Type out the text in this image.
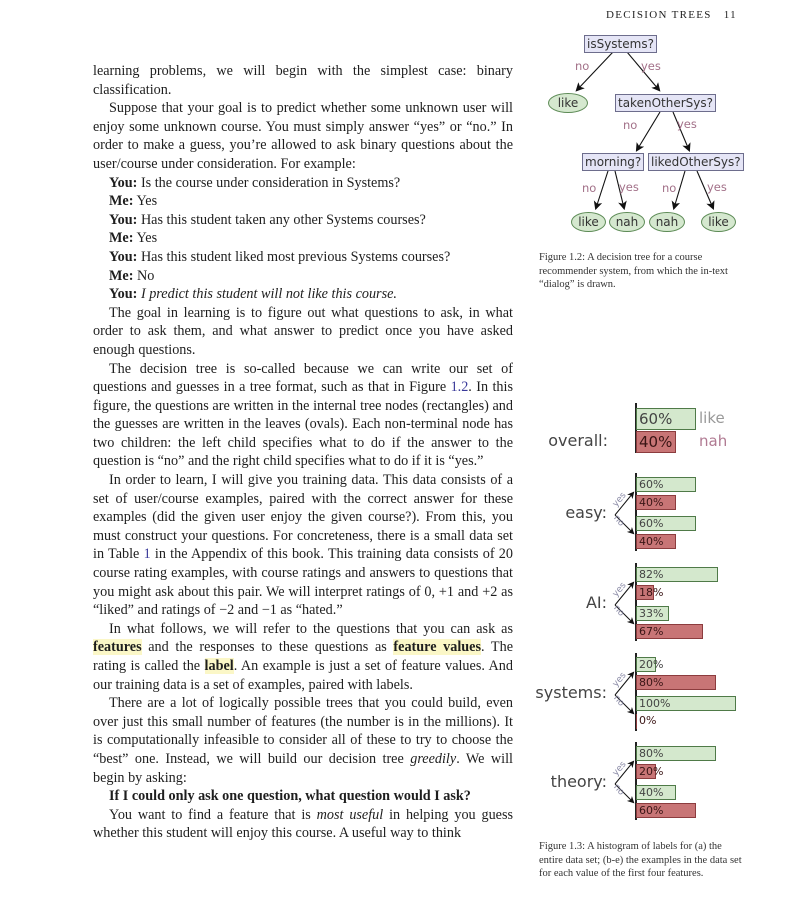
DECISION TREES 11

learning problems, we will begin with the simplest case: binary classification.

Suppose that your goal is to predict whether some unknown user will enjoy some unknown course. You must simply answer “yes” or “no.” In order to make a guess, you’re allowed to ask binary questions about the user/course under consideration. For example:

You: Is the course under consideration in Systems?
Me: Yes
You: Has this student taken any other Systems courses?
Me: Yes
You: Has this student liked most previous Systems courses?
Me: No
You: I predict this student will not like this course.

The goal in learning is to figure out what questions to ask, in what order to ask them, and what answer to predict once you have asked enough questions.

The decision tree is so-called because we can write our set of questions and guesses in a tree format, such as that in Figure 1.2. In this figure, the questions are written in the internal tree nodes (rectangles) and the guesses are written in the leaves (ovals). Each non-terminal node has two children: the left child specifies what to do if the answer to the question is “no” and the right child specifies what to do if it is “yes.”

In order to learn, I will give you training data. This data consists of a set of user/course examples, paired with the correct answer for these examples (did the given user enjoy the given course?). From this, you must construct your questions. For concreteness, there is a small data set in Table 1 in the Appendix of this book. This training data consists of 20 course rating examples, with course ratings and answers to questions that you might ask about this pair. We will interpret ratings of 0, +1 and +2 as “liked” and ratings of −2 and −1 as “hated.”

In what follows, we will refer to the questions that you can ask as features and the responses to these questions as feature values. The rating is called the label. An example is just a set of feature values. And our training data is a set of examples, paired with labels.

There are a lot of logically possible trees that you could build, even over just this small number of features (the number is in the millions). It is computationally infeasible to consider all of these to try to choose the “best” one. Instead, we will build our decision tree greedily. We will begin by asking:

If I could only ask one question, what question would I ask?

You want to find a feature that is most useful in helping you guess whether this student will enjoy this course. A useful way to think

isSystems?
no	yes
like	takenOtherSys?
no	yes
morning? likedOtherSys?
no yes no	yes
like	nah	nah	like
Figure 1.2: A decision tree for a course recommender system, from which the in-text “dialog” is drawn.
overall:
60%
40%
like
nah
easy:
60%
40%
60%
40%
AI:
82%
18%
33%
67%
systems:
20%
80%
100%
0%
theory:
80%
20%
40%
60%
yes
no
yes
no
yes
no
yes
no
Figure 1.3: A histogram of labels for (a) the entire data set; (b-e) the examples in the data set for each value of the first four features.
